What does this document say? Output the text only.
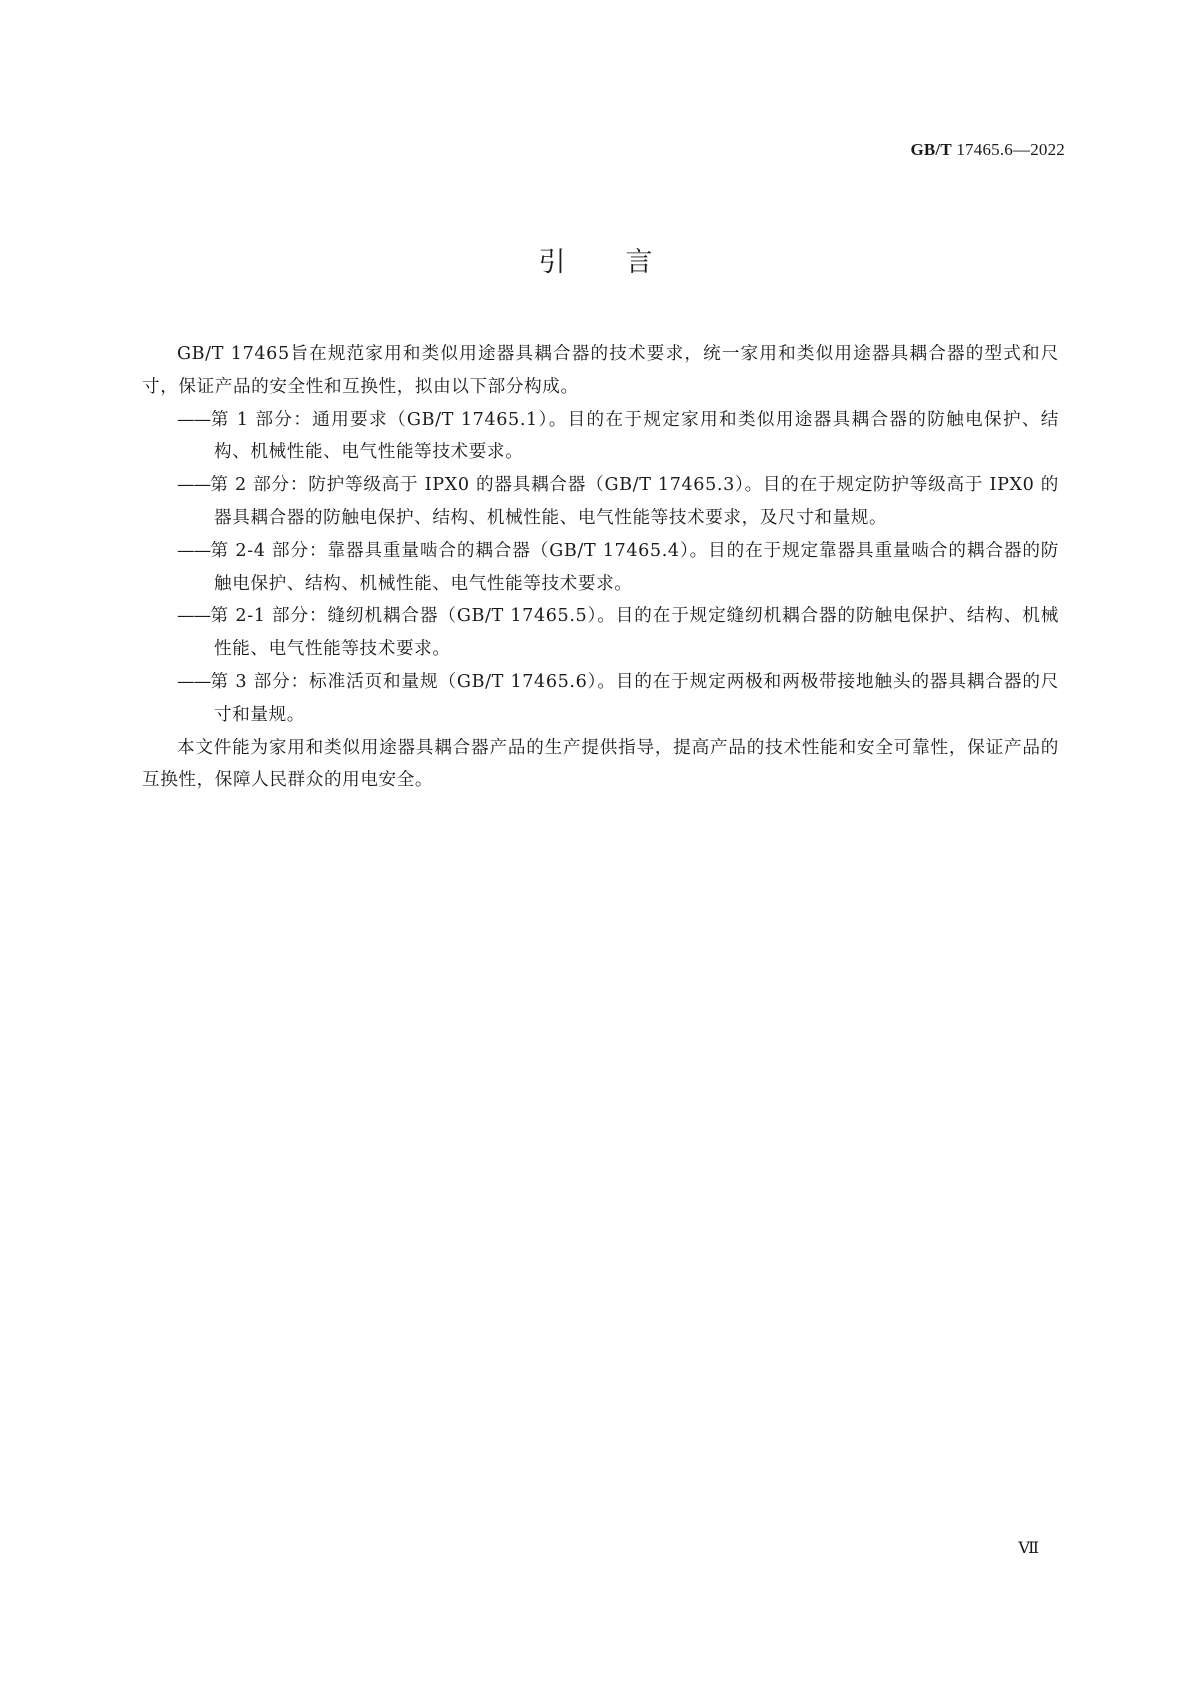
GB/T 17465.6—2022
引言

GB/T 17465旨在规范家用和类似用途器具耦合器的技术要求，统一家用和类似用途器具耦合器的型式和尺寸，保证产品的安全性和互换性，拟由以下部分构成。

——第 1 部分：通用要求（GB/T 17465.1）。目的在于规定家用和类似用途器具耦合器的防触电保护、结构、机械性能、电气性能等技术要求。

——第 2 部分：防护等级高于 IPX0 的器具耦合器（GB/T 17465.3）。目的在于规定防护等级高于 IPX0 的器具耦合器的防触电保护、结构、机械性能、电气性能等技术要求，及尺寸和量规。

——第 2-4 部分：靠器具重量啮合的耦合器（GB/T 17465.4）。目的在于规定靠器具重量啮合的耦合器的防触电保护、结构、机械性能、电气性能等技术要求。

——第 2-1 部分：缝纫机耦合器（GB/T 17465.5）。目的在于规定缝纫机耦合器的防触电保护、结构、机械性能、电气性能等技术要求。

——第 3 部分：标准活页和量规（GB/T 17465.6）。目的在于规定两极和两极带接地触头的器具耦合器的尺寸和量规。

本文件能为家用和类似用途器具耦合器产品的生产提供指导，提高产品的技术性能和安全可靠性，保证产品的互换性，保障人民群众的用电安全。

Ⅶ
